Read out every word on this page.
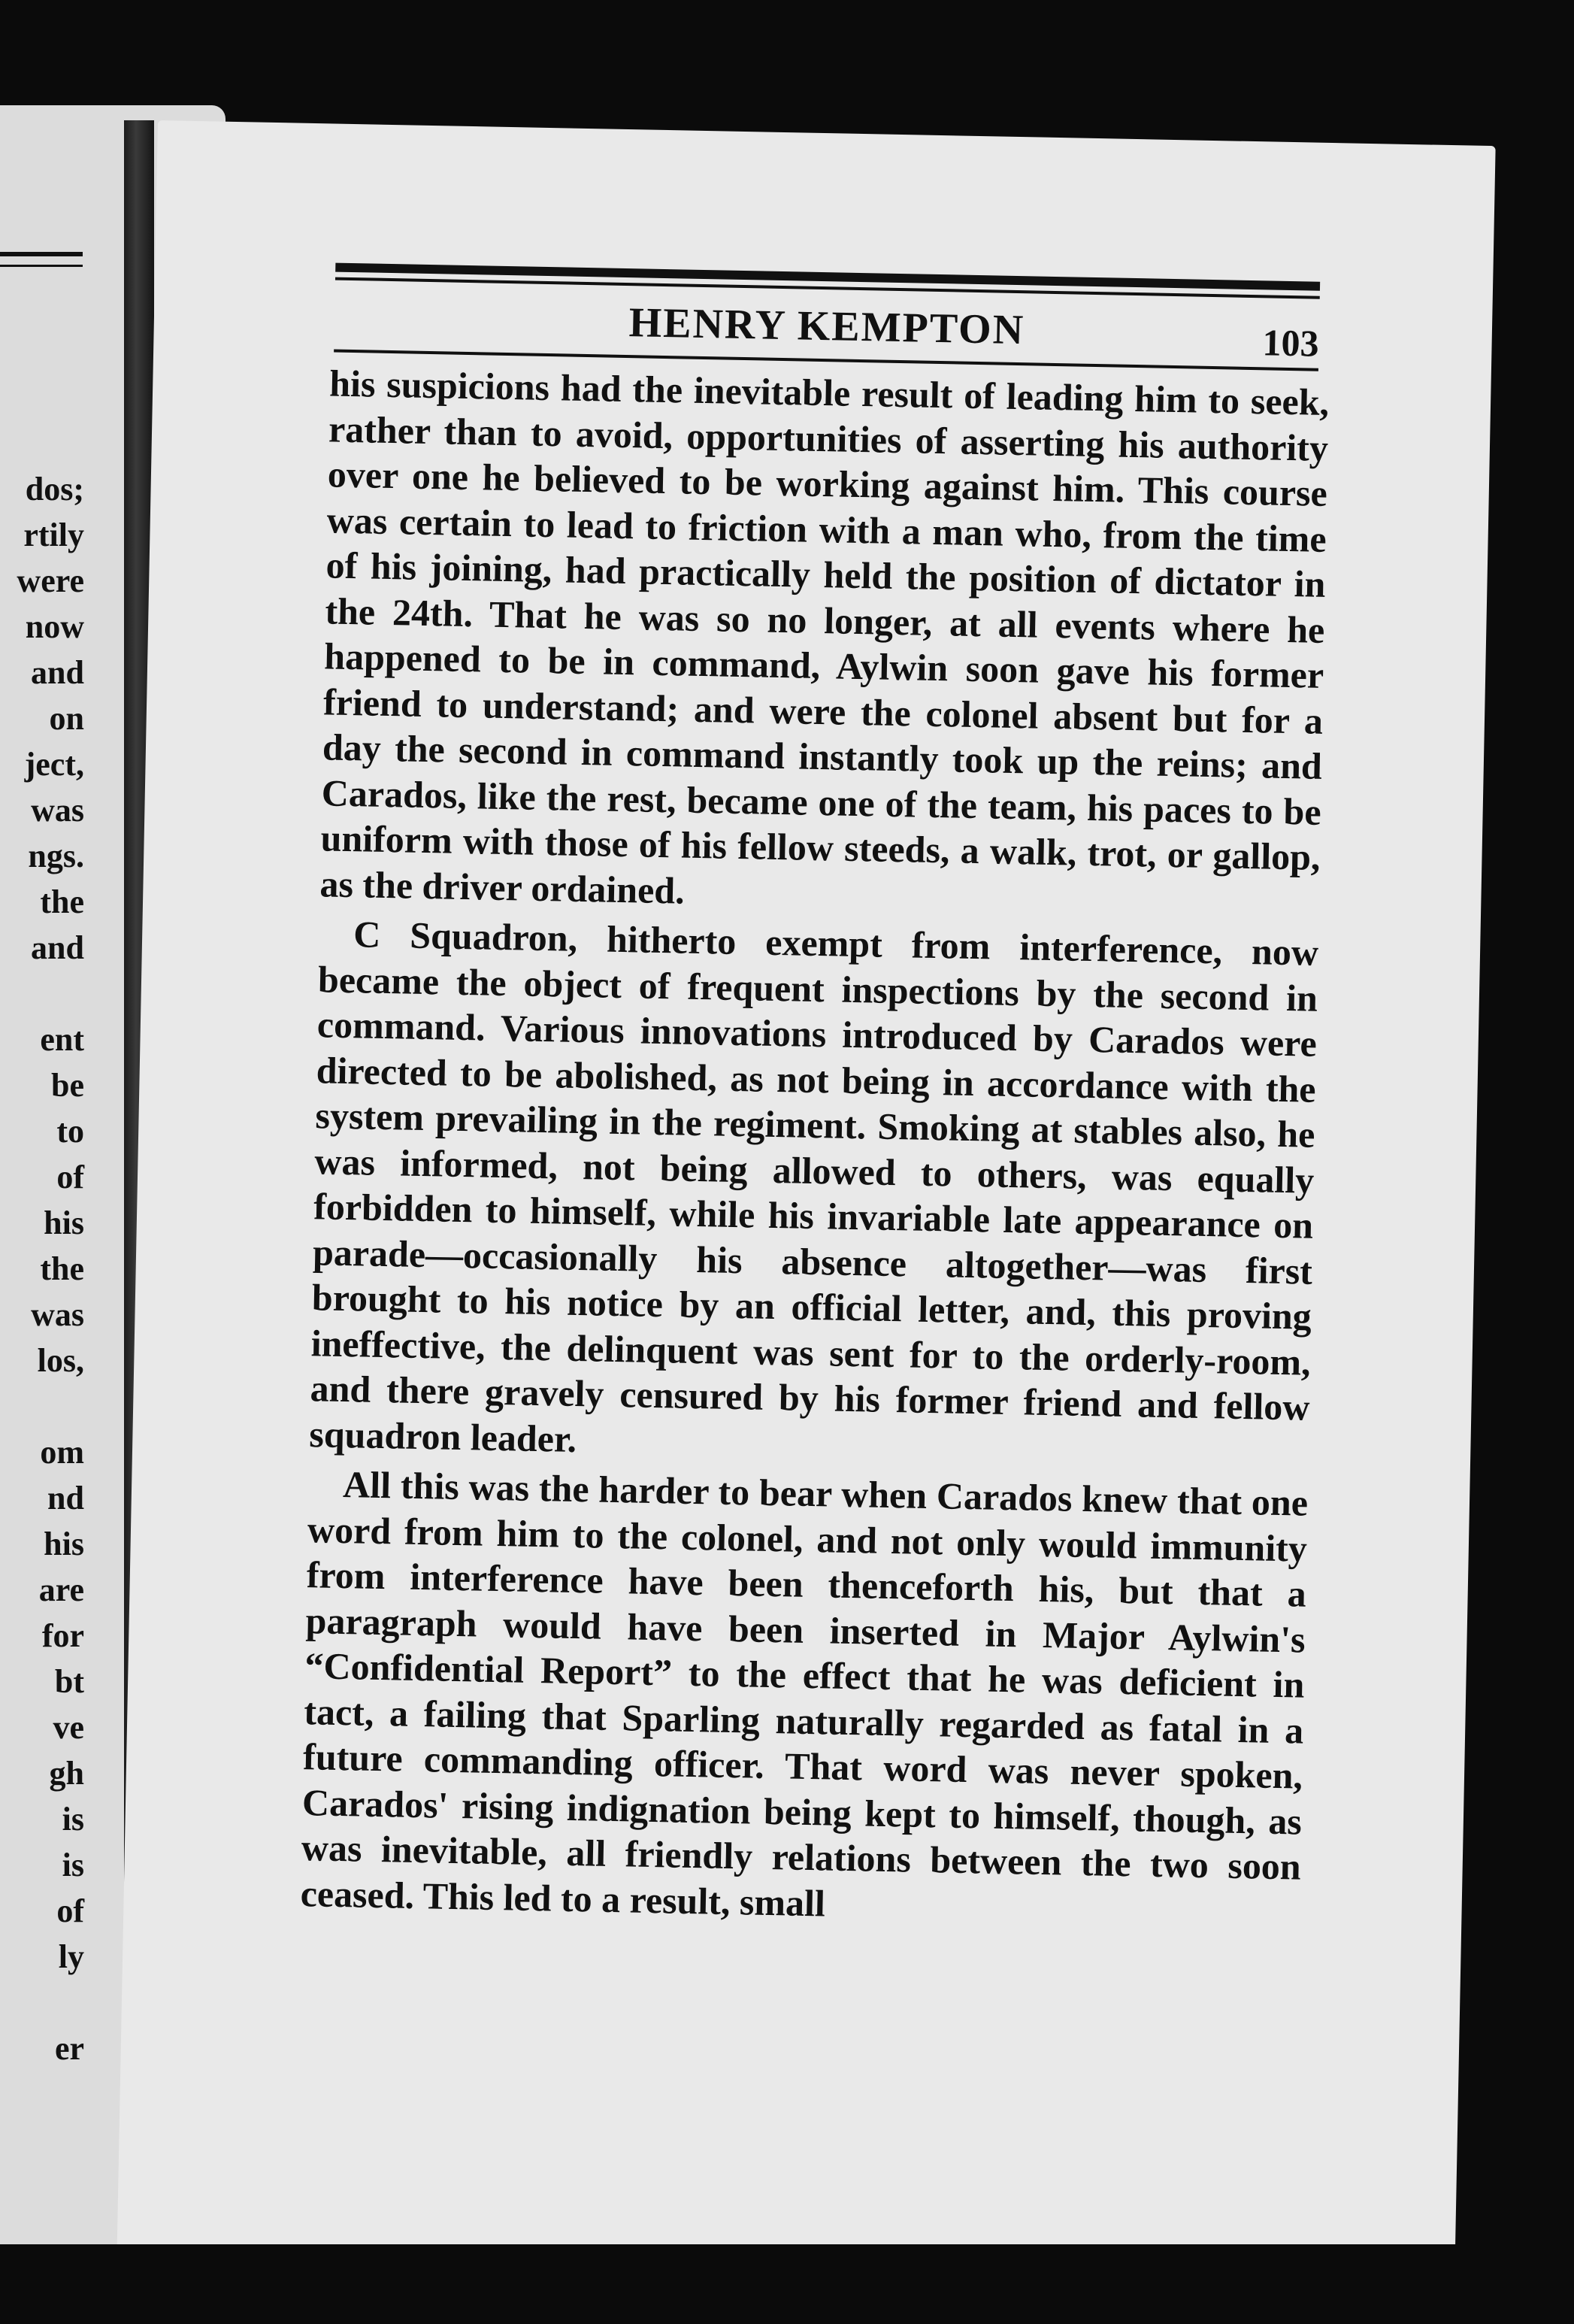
dos;
rtily
were
now
and
on
ject,
was
ngs.
the
and

ent
be
to
of
his
the
was
los,

om
nd
his
are
for
bt
ve
gh
is
is
of
ly

er
HENRY KEMPTON	103

his suspicions had the inevitable result of leading him to seek, rather than to avoid, opportunities of asserting his authority over one he believed to be working against him. This course was certain to lead to friction with a man who, from the time of his joining, had practically held the position of dictator in the 24th. That he was so no longer, at all events where he happened to be in command, Aylwin soon gave his former friend to understand; and were the colonel absent but for a day the second in command instantly took up the reins; and Carados, like the rest, became one of the team, his paces to be uniform with those of his fellow steeds, a walk, trot, or gallop, as the driver ordained.

C Squadron, hitherto exempt from interference, now became the object of frequent inspections by the second in command. Various innovations introduced by Carados were directed to be abolished, as not being in accordance with the system prevailing in the regiment. Smoking at stables also, he was informed, not being allowed to others, was equally forbidden to himself, while his invariable late appearance on parade—occasionally his absence altogether—was first brought to his notice by an official letter, and, this proving ineffective, the delinquent was sent for to the orderly-room, and there gravely censured by his former friend and fellow squadron leader.

All this was the harder to bear when Carados knew that one word from him to the colonel, and not only would immunity from interference have been thenceforth his, but that a paragraph would have been inserted in Major Aylwin's “Confidential Report” to the effect that he was deficient in tact, a failing that Sparling naturally regarded as fatal in a future commanding officer. That word was never spoken, Carados' rising indignation being kept to himself, though, as was inevitable, all friendly relations between the two soon ceased. This led to a result, small
